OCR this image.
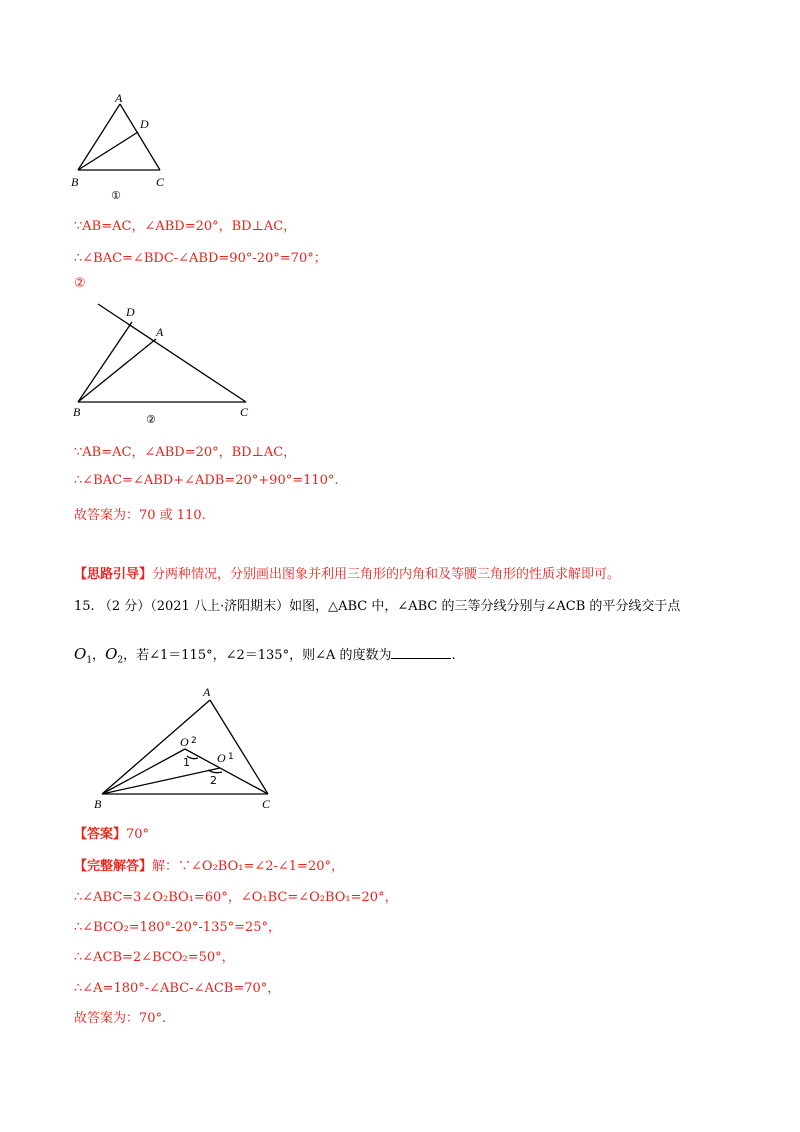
A
D
B	C
①
∵AB=AC，∠ABD=20°，BD⊥AC，
∴∠BAC=∠BDC-∠ABD=90°-20°=70°；
②
D
A
B	C
②
∵AB=AC，∠ABD=20°，BD⊥AC，
∴∠BAC=∠ABD+∠ADB=20°+90°=110°.
故答案为：70 或 110.
【思路引导】分两种情况，分别画出图象并利用三角形的内角和及等腰三角形的性质求解即可。
15. （2 分）（2021 八上·济阳期末）如图，△ABC 中，∠ABC 的三等分线分别与∠ACB 的平分线交于点
$O_1$，$O_2$，若∠1＝115°，∠2＝135°，则∠A 的度数为	.
A
O 2
O 1
1
2
B	C
【答案】70°
【完整解答】解：∵∠O₂BO₁=∠2-∠1=20°，
∴∠ABC=3∠O₂BO₁=60°，∠O₁BC=∠O₂BO₁=20°，
∴∠BCO₂=180°-20°-135°=25°，
∴∠ACB=2∠BCO₂=50°，
∴∠A=180°-∠ABC-∠ACB=70°，
故答案为：70°.
